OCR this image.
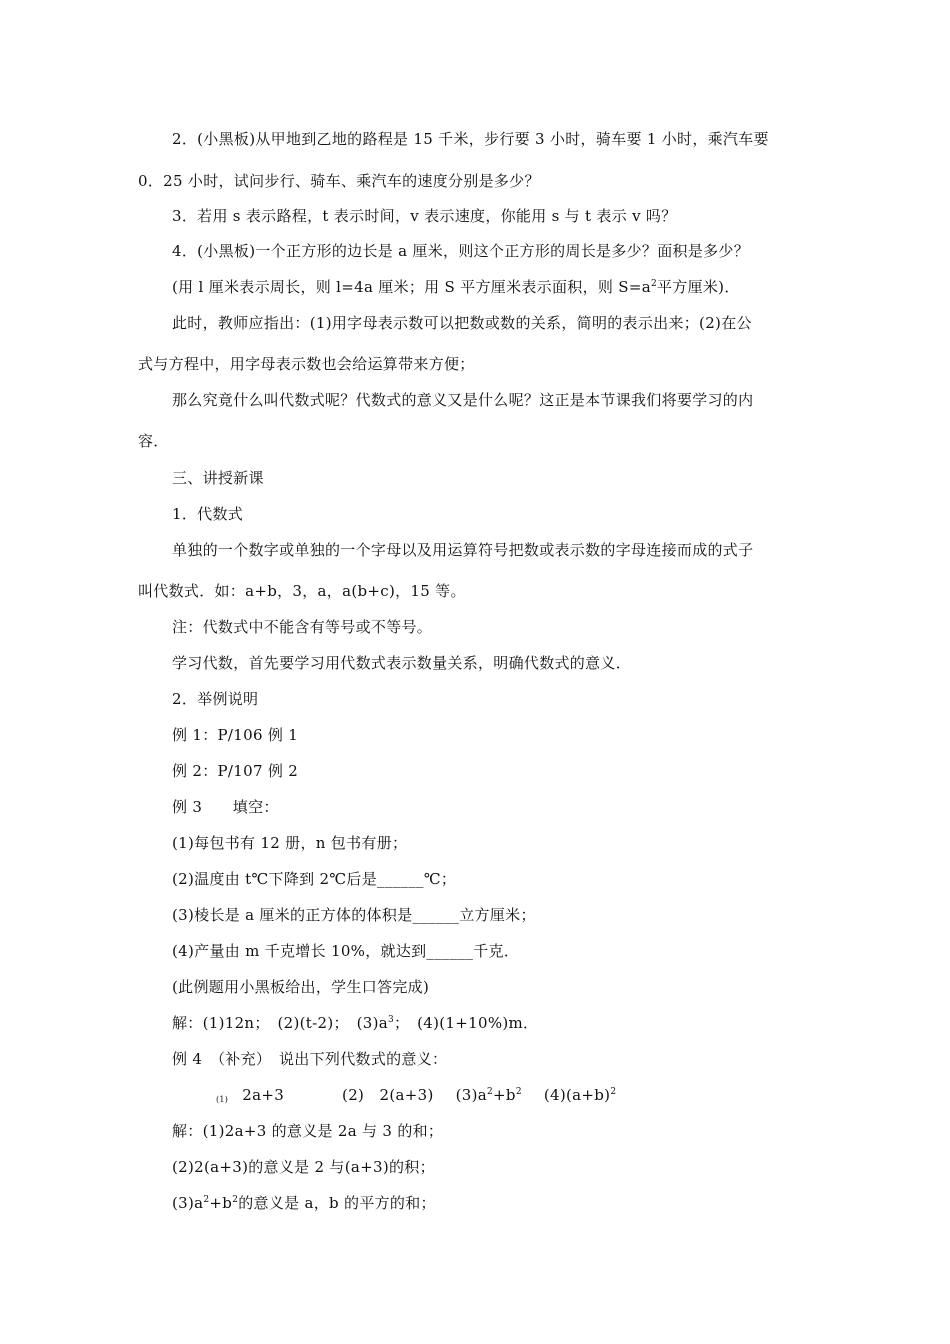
2．(小黑板)从甲地到乙地的路程是 15 千米，步行要 3 小时，骑车要 1 小时，乘汽车要
0．25 小时，试问步行、骑车、乘汽车的速度分别是多少？
3．若用 s 表示路程，t 表示时间，v 表示速度，你能用 s 与 t 表示 v 吗？
4．(小黑板)一个正方形的边长是 a 厘米，则这个正方形的周长是多少？面积是多少？
(用 l 厘米表示周长，则 l=4a 厘米；用 S 平方厘米表示面积，则 $S=a^2$平方厘米)．
此时，教师应指出：(1)用字母表示数可以把数或数的关系，简明的表示出来；(2)在公
式与方程中，用字母表示数也会给运算带来方便；
那么究竟什么叫代数式呢？代数式的意义又是什么呢？这正是本节课我们将要学习的内
容．
三、讲授新课
1．代数式
单独的一个数字或单独的一个字母以及用运算符号把数或表示数的字母连接而成的式子
叫代数式．如：a+b，3，a，a(b+c)，15 等。
注：代数式中不能含有等号或不等号。
学习代数，首先要学习用代数式表示数量关系，明确代数式的意义．
2．举例说明
例 1：P/106 例 1
例 2：P/107 例 2
例 3　　填空：
(1)每包书有 12 册，n 包书有册；
(2)温度由 t℃下降到 2℃后是______℃；
(3)棱长是 a 厘米的正方体的体积是______立方厘米；
(4)产量由 m 千克增长 10%，就达到______千克．
(此例题用小黑板给出，学生口答完成)
解：(1)12n；　(2)(t-2)；　$(3)a^3$；　(4)(1+10%)m．
例 4　（补充）　说出下列代数式的意义：
(1) 2a+3	(2)　2(a+3) $(3)a^2+b^2$ $(4)(a+b)^2$
解：(1)2a+3 的意义是 2a 与 3 的和；
(2)2(a+3)的意义是 2 与(a+3)的积；
$(3)a^2+b^2$的意义是 a，b 的平方的和；
